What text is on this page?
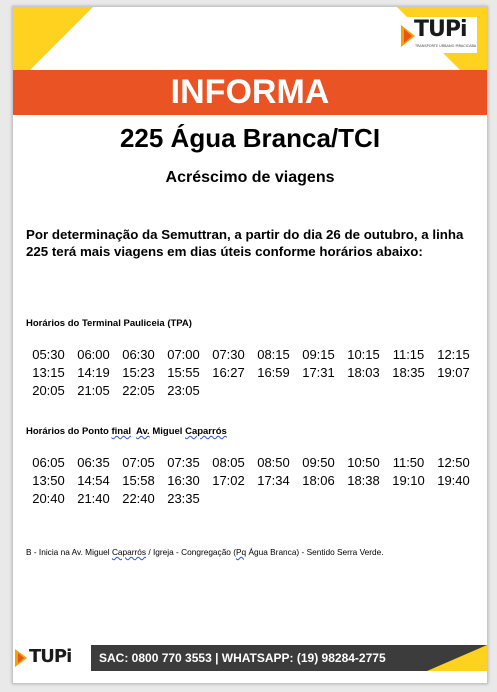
TUPi
TRANSPORTE URBANO PIRACICABA
INFORMA
225 Água Branca/TCI
Acréscimo de viagens
Por determinação da Semuttran, a partir do dia 26 de outubro, a linha 225 terá mais viagens em dias úteis conforme horários abaixo:
Horários do Terminal Pauliceia (TPA)
05:30 06:00 06:30 07:00 07:30 08:15 09:15 10:15 11:15 12:15
13:15 14:19 15:23 15:55 16:27 16:59 17:31 18:03 18:35 19:07
20:05 21:05 22:05 23:05
Horários do Ponto final Av. Miguel Caparrós
06:05 06:35 07:05 07:35 08:05 08:50 09:50 10:50 11:50 12:50
13:50 14:54 15:58 16:30 17:02 17:34 18:06 18:38 19:10 19:40
20:40 21:40 22:40 23:35
B - Inicia na Av. Miguel Caparrós / Igreja - Congregação (Pq Água Branca) - Sentido Serra Verde.
TUPi SAC: 0800 770 3553 | WHATSAPP: (19) 98284-2775
